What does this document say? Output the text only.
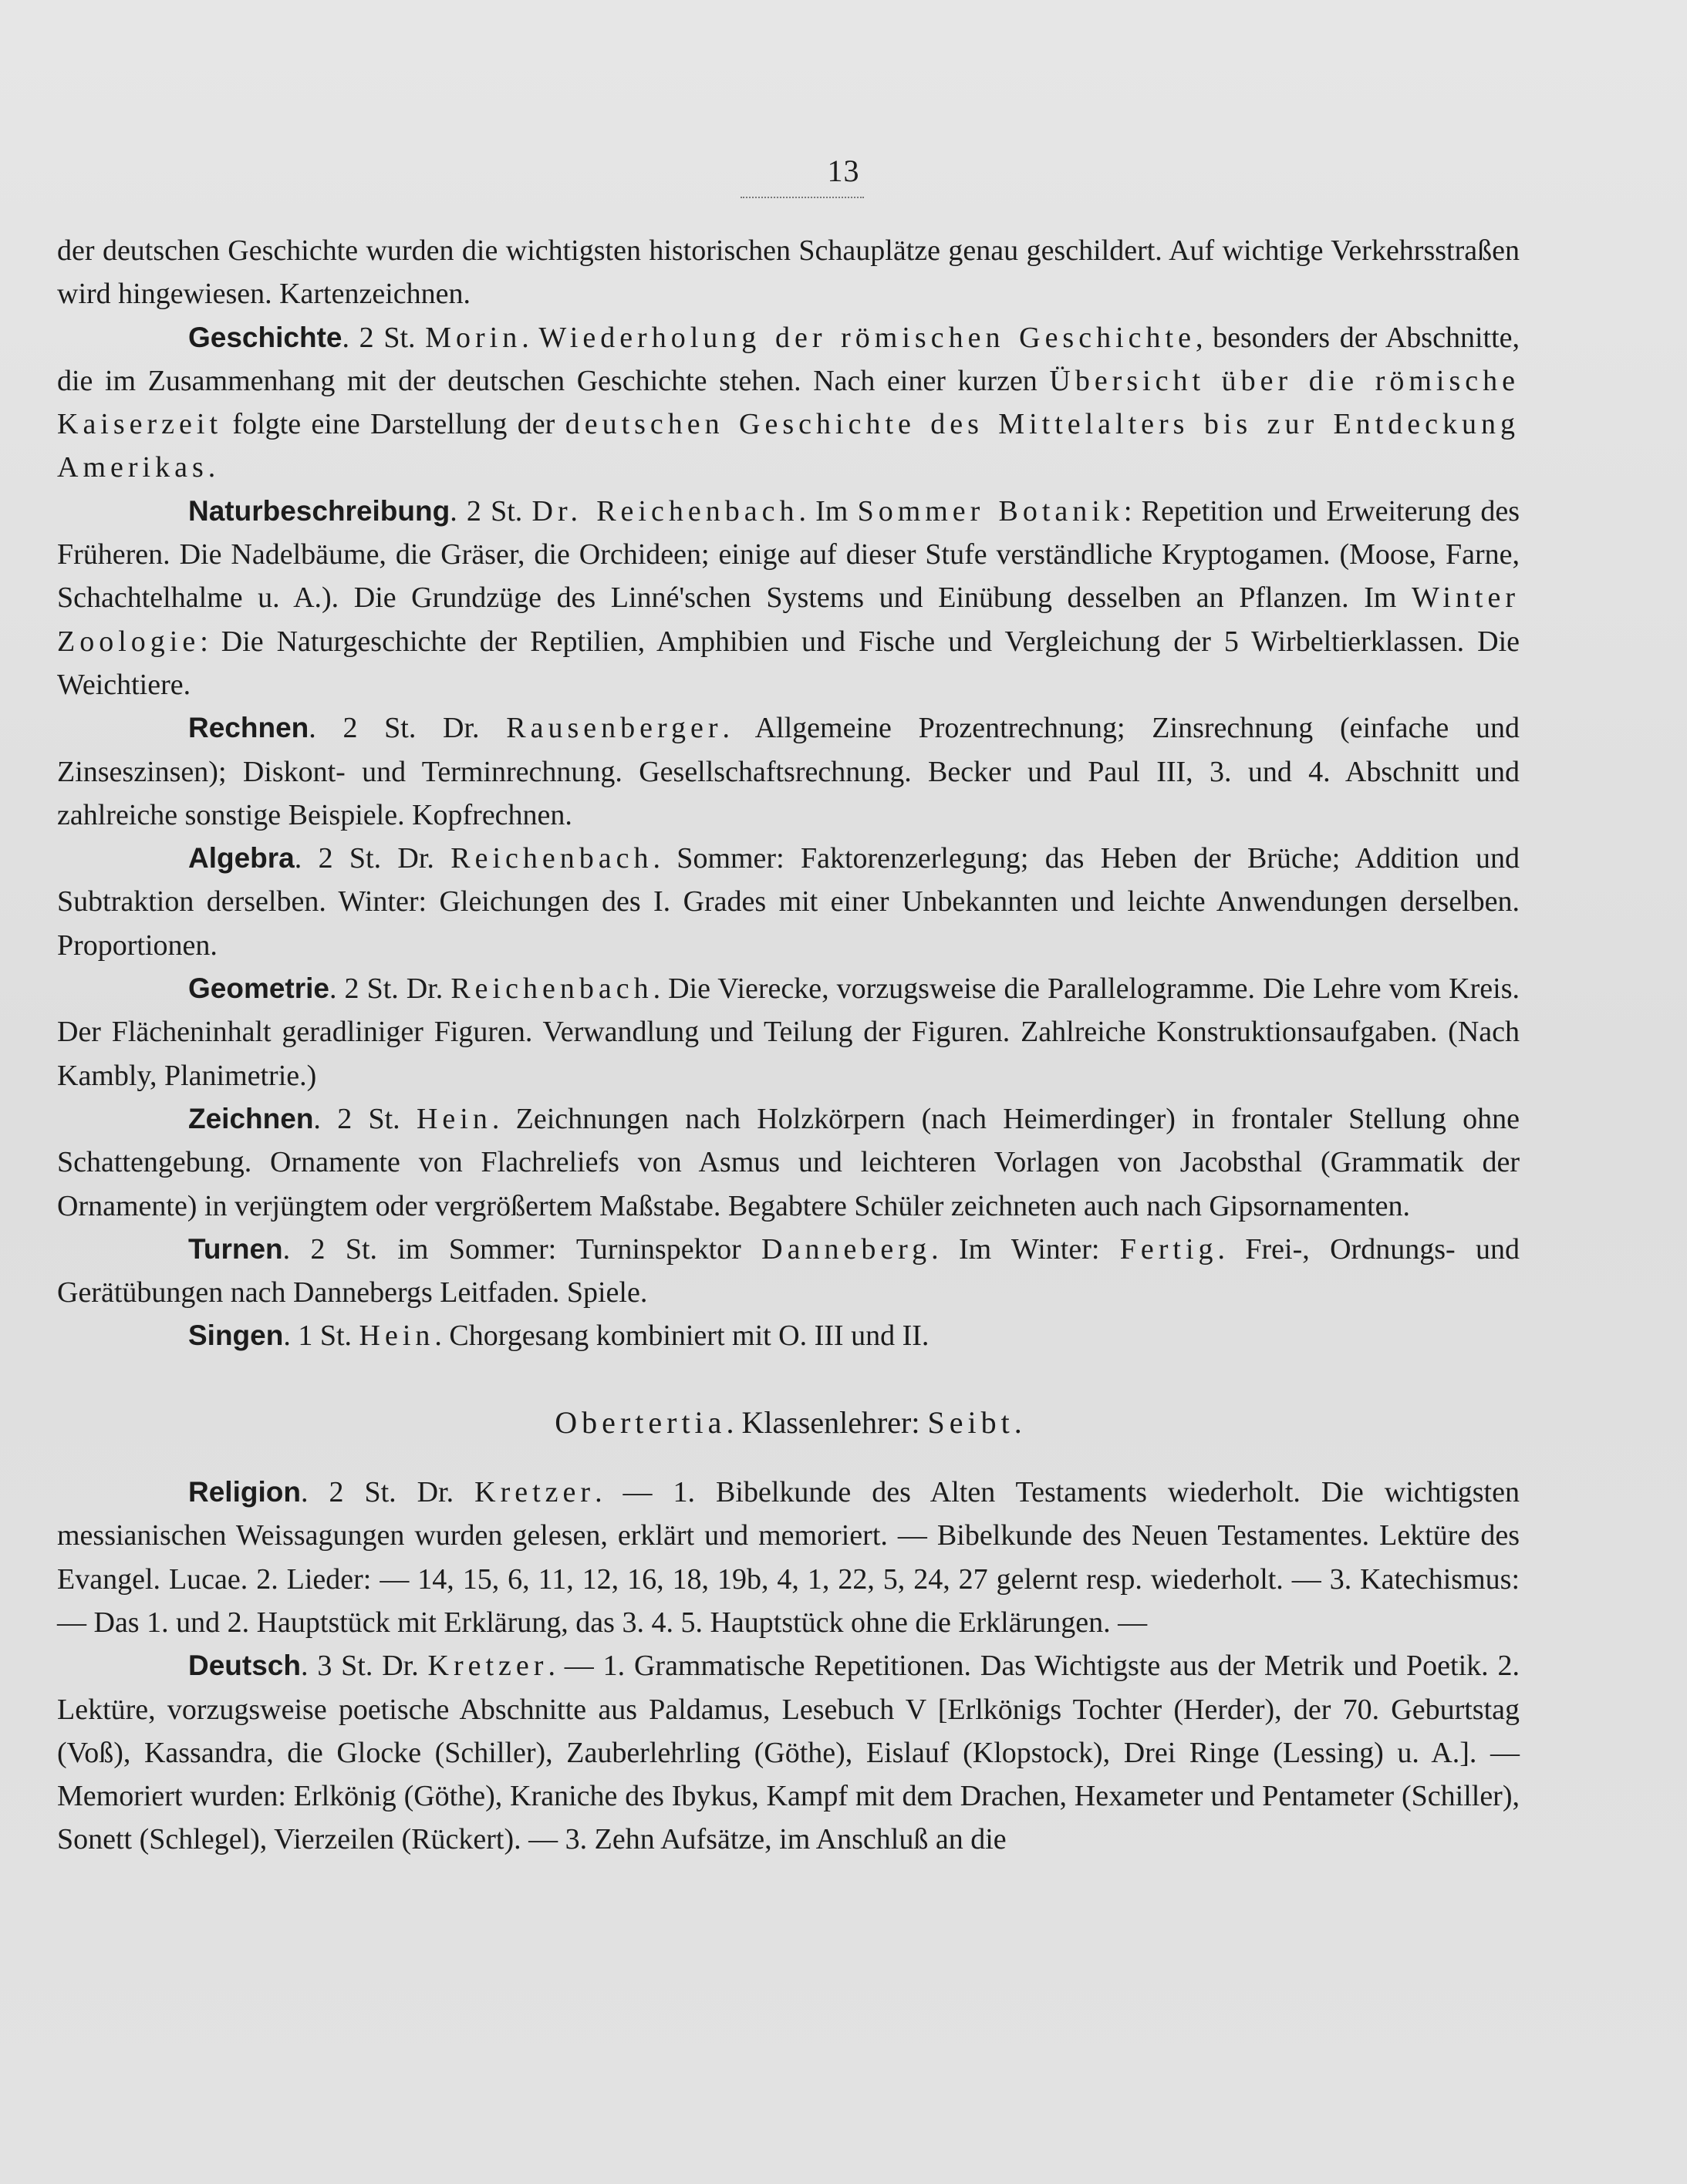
13

der deutschen Geschichte wurden die wichtigsten historischen Schauplätze genau geschildert. Auf wichtige Verkehrsstraßen wird hingewiesen. Kartenzeichnen.

Geschichte. 2 St. Morin. Wiederholung der römischen Geschichte, besonders der Abschnitte, die im Zusammenhang mit der deutschen Geschichte stehen. Nach einer kurzen Übersicht über die römische Kaiserzeit folgte eine Darstellung der deutschen Geschichte des Mittelalters bis zur Entdeckung Amerikas.

Naturbeschreibung. 2 St. Dr. Reichenbach. Im Sommer Botanik: Repetition und Erweiterung des Früheren. Die Nadelbäume, die Gräser, die Orchideen; einige auf dieser Stufe verständliche Kryptogamen. (Moose, Farne, Schachtelhalme u. A.). Die Grundzüge des Linné'schen Systems und Einübung desselben an Pflanzen. Im Winter Zoologie: Die Naturgeschichte der Reptilien, Amphibien und Fische und Vergleichung der 5 Wirbeltierklassen. Die Weichtiere.

Rechnen. 2 St. Dr. Rausenberger. Allgemeine Prozentrechnung; Zinsrechnung (einfache und Zinseszinsen); Diskont- und Terminrechnung. Gesellschaftsrechnung. Becker und Paul III, 3. und 4. Abschnitt und zahlreiche sonstige Beispiele. Kopfrechnen.

Algebra. 2 St. Dr. Reichenbach. Sommer: Faktorenzerlegung; das Heben der Brüche; Addition und Subtraktion derselben. Winter: Gleichungen des I. Grades mit einer Unbekannten und leichte Anwendungen derselben. Proportionen.

Geometrie. 2 St. Dr. Reichenbach. Die Vierecke, vorzugsweise die Parallelogramme. Die Lehre vom Kreis. Der Flächeninhalt geradliniger Figuren. Verwandlung und Teilung der Figuren. Zahlreiche Konstruktionsaufgaben. (Nach Kambly, Planimetrie.)

Zeichnen. 2 St. Hein. Zeichnungen nach Holzkörpern (nach Heimerdinger) in frontaler Stellung ohne Schattengebung. Ornamente von Flachreliefs von Asmus und leichteren Vorlagen von Jacobsthal (Grammatik der Ornamente) in verjüngtem oder vergrößertem Maßstabe. Begabtere Schüler zeichneten auch nach Gipsornamenten.

Turnen. 2 St. im Sommer: Turninspektor Danneberg. Im Winter: Fertig. Frei-, Ordnungs- und Gerätübungen nach Dannebergs Leitfaden. Spiele.

Singen. 1 St. Hein. Chorgesang kombiniert mit O. III und II.

Obertertia. Klassenlehrer: Seibt.

Religion. 2 St. Dr. Kretzer. — 1. Bibelkunde des Alten Testaments wiederholt. Die wichtigsten messianischen Weissagungen wurden gelesen, erklärt und memoriert. — Bibelkunde des Neuen Testamentes. Lektüre des Evangel. Lucae. 2. Lieder: — 14, 15, 6, 11, 12, 16, 18, 19b, 4, 1, 22, 5, 24, 27 gelernt resp. wiederholt. — 3. Katechismus: — Das 1. und 2. Hauptstück mit Erklärung, das 3. 4. 5. Hauptstück ohne die Erklärungen. —

Deutsch. 3 St. Dr. Kretzer. — 1. Grammatische Repetitionen. Das Wichtigste aus der Metrik und Poetik. 2. Lektüre, vorzugsweise poetische Abschnitte aus Paldamus, Lesebuch V [Erlkönigs Tochter (Herder), der 70. Geburtstag (Voß), Kassandra, die Glocke (Schiller), Zauberlehrling (Göthe), Eislauf (Klopstock), Drei Ringe (Lessing) u. A.]. — Memoriert wurden: Erlkönig (Göthe), Kraniche des Ibykus, Kampf mit dem Drachen, Hexameter und Pentameter (Schiller), Sonett (Schlegel), Vierzeilen (Rückert). — 3. Zehn Aufsätze, im Anschluß an die
